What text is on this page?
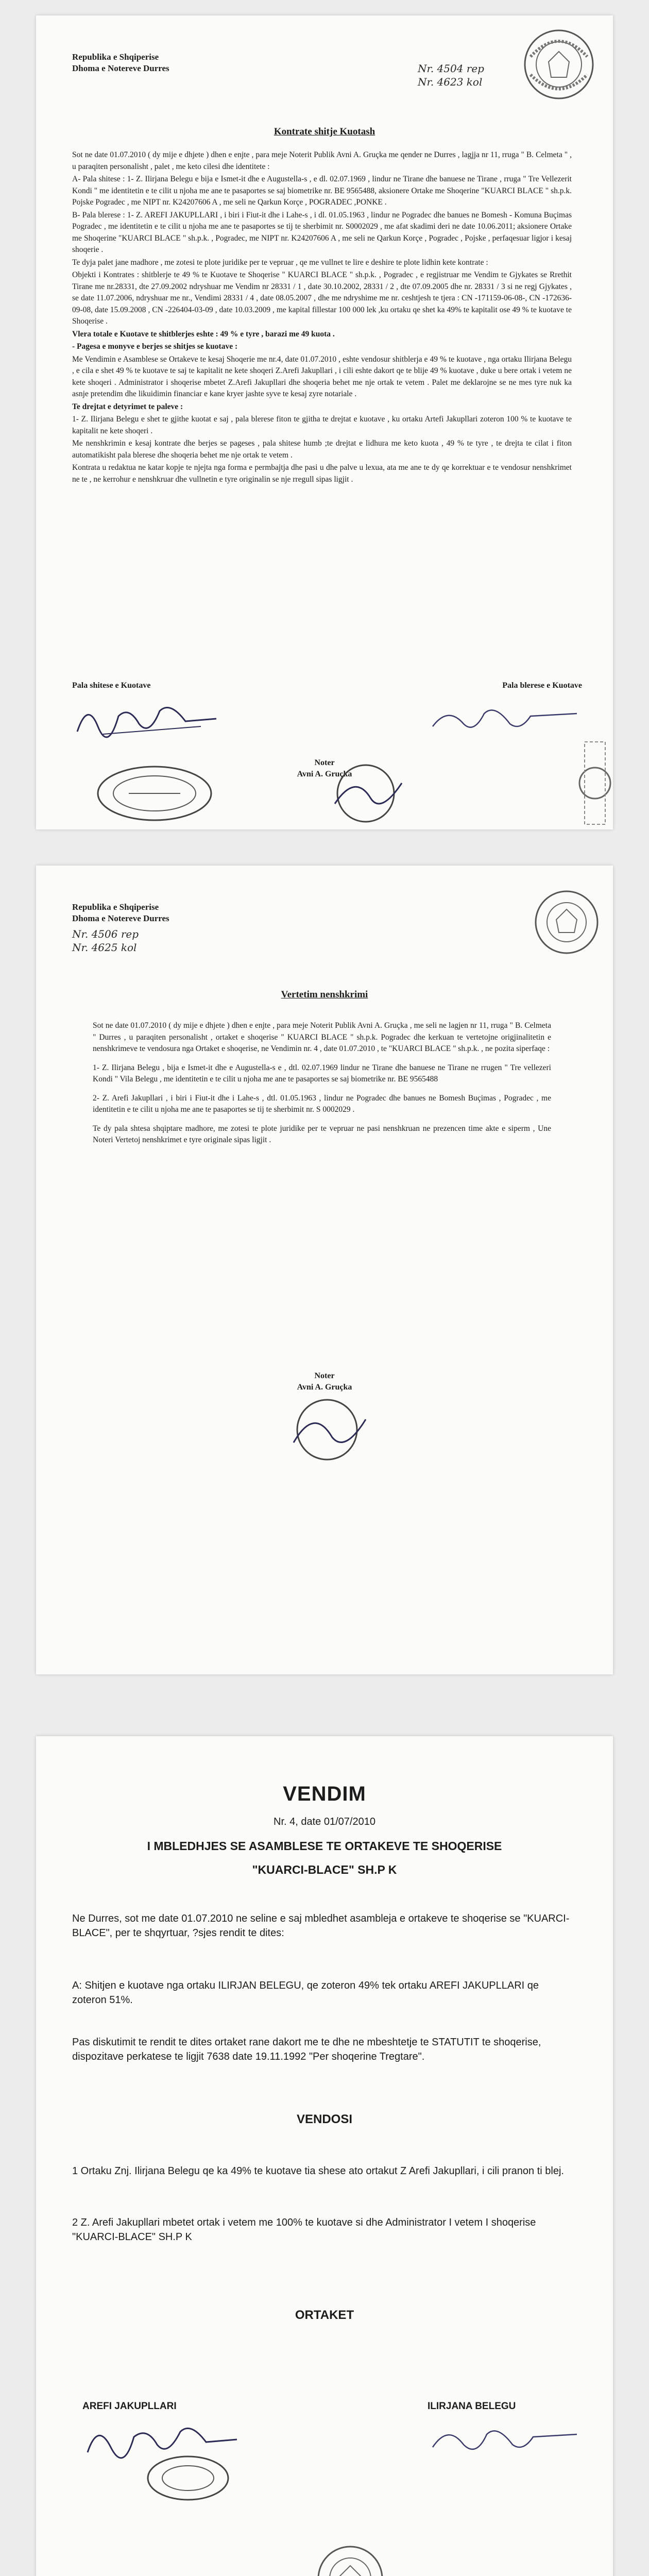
Republika e Shqiperise
Dhoma e Notereve Durres	Nr. 4504 rep
Nr. 4623 kol
Kontrate shitje Kuotash

Sot ne date 01.07.2010 ( dy mije e dhjete ) dhen e enjte , para meje Noterit Publik Avni A. Gruçka me qender ne Durres , lagjja nr 11, rruga " B. Celmeta " , u paraqiten personalisht , palet , me keto cilesi dhe identitete :

A- Pala shitese : 1- Z. Ilirjana Belegu e bija e Ismet-it dhe e Augustella-s , e dl. 02.07.1969 , lindur ne Tirane dhe banuese ne Tirane , rruga " Tre Vellezerit Kondi " me identitetin e te cilit u njoha me ane te pasaportes se saj biometrike nr. BE 9565488, aksionere Ortake me Shoqerine "KUARCI BLACE " sh.p.k. Pojske Pogradec , me NIPT nr. K24207606 A , me seli ne Qarkun Korçe , POGRADEC ,PONKE .

B- Pala blerese : 1- Z. AREFI JAKUPLLARI , i biri i Fiut-it dhe i Lahe-s , i dl. 01.05.1963 , lindur ne Pogradec dhe banues ne Bomesh - Komuna Buçimas Pogradec , me identitetin e te cilit u njoha me ane te pasaportes se tij te sherbimit nr. S0002029 , me afat skadimi deri ne date 10.06.2011; aksionere Ortake me Shoqerine "KUARCI BLACE " sh.p.k. , Pogradec, me NIPT nr. K24207606 A , me seli ne Qarkun Korçe , Pogradec , Pojske , perfaqesuar ligjor i kesaj shoqerie .

Te dyja palet jane madhore , me zotesi te plote juridike per te vepruar , qe me vullnet te lire e deshire te plote lidhin kete kontrate :

Objekti i Kontrates : shitblerje te 49 % te Kuotave te Shoqerise " KUARCI BLACE " sh.p.k. , Pogradec , e regjistruar me Vendim te Gjykates se Rrethit Tirane me nr.28331, dte 27.09.2002 ndryshuar me Vendim nr 28331 / 1 , date 30.10.2002, 28331 / 2 , dte 07.09.2005 dhe nr. 28331 / 3 si ne regj Gjykates , se date 11.07.2006, ndryshuar me nr., Vendimi 28331 / 4 , date 08.05.2007 , dhe me ndryshime me nr. ceshtjesh te tjera : CN -171159-06-08-, CN -172636-09-08, date 15.09.2008 , CN -226404-03-09 , date 10.03.2009 , me kapital fillestar 100 000 lek ,ku ortaku qe shet ka 49% te kapitalit ose 49 % te kuotave te Shoqerise .

Vlera totale e Kuotave te shitblerjes eshte : 49 % e tyre , barazi me 49 kuota .

- Pagesa e monyve e berjes se shitjes se kuotave :

Me Vendimin e Asamblese se Ortakeve te kesaj Shoqerie me nr.4, date 01.07.2010 , eshte vendosur shitblerja e 49 % te kuotave , nga ortaku Ilirjana Belegu , e cila e shet 49 % te kuotave te saj te kapitalit ne kete shoqeri Z.Arefi Jakupllari , i cili eshte dakort qe te blije 49 % kuotave , duke u bere ortak i vetem ne kete shoqeri . Administrator i shoqerise mbetet Z.Arefi Jakupllari dhe shoqeria behet me nje ortak te vetem . Palet me deklarojne se ne mes tyre nuk ka asnje pretendim dhe likuidimin financiar e kane kryer jashte syve te kesaj zyre notariale .

Te drejtat e detyrimet te paleve :

1- Z. Ilirjana Belegu e shet te gjithe kuotat e saj , pala blerese fiton te gjitha te drejtat e kuotave , ku ortaku Artefi Jakupllari zoteron 100 % te kuotave te kapitalit ne kete shoqeri .

Me nenshkrimin e kesaj kontrate dhe berjes se pageses , pala shitese humb ;te drejtat e lidhura me keto kuota , 49 % te tyre , te drejta te cilat i fiton automatikisht pala blerese dhe shoqeria behet me nje ortak te vetem .

Kontrata u redaktua ne katar kopje te njejta nga forma e permbajtja dhe pasi u dhe palve u lexua, ata me ane te dy qe korrektuar e te vendosur nenshkrimet ne te , ne kerrohur e nenshkruar dhe vullnetin e tyre originalin se nje rregull sipas ligjit .

Pala shitese e Kuotave	Pala blerese e Kuotave
Noter
Avni A. Gruçka
Republika e Shqiperise
Dhoma e Notereve Durres
Nr. 4506 rep
Nr. 4625 kol
Vertetim nenshkrimi

Sot ne date 01.07.2010 ( dy mije e dhjete ) dhen e enjte , para meje Noterit Publik Avni A. Gruçka , me seli ne lagjen nr 11, rruga " B. Celmeta " Durres , u paraqiten personalisht , ortaket e shoqerise " KUARCI BLACE " sh.p.k. Pogradec dhe kerkuan te vertetojne origjinalitetin e nenshkrimeve te vendosura nga Ortaket e shoqerise, ne Vendimin nr. 4 , date 01.07.2010 , te "KUARCI BLACE " sh.p.k. , ne pozita siperfaqe :

1- Z. Ilirjana Belegu , bija e Ismet-it dhe e Augustella-s e , dtl. 02.07.1969 lindur ne Tirane dhe banuese ne Tirane ne rrugen " Tre vellezeri Kondi " Vila Belegu , me identitetin e te cilit u njoha me ane te pasaportes se saj biometrike nr. BE 9565488

2- Z. Arefi Jakupllari , i biri i Fiut-it dhe i Lahe-s , dtl. 01.05.1963 , lindur ne Pogradec dhe banues ne Bomesh Buçimas , Pogradec , me identitetin e te cilit u njoha me ane te pasaportes se tij te sherbimit nr. S 0002029 .

Te dy pala shtesa shqiptare madhore, me zotesi te plote juridike per te vepruar ne pasi nenshkruan ne prezencen time akte e siperm , Une Noteri Vertetoj nenshkrimet e tyre originale sipas ligjit .

Noter
Avni A. Gruçka
VENDIM
Nr. 4, date 01/07/2010
I MBLEDHJES SE ASAMBLESE TE ORTAKEVE TE SHOQERISE
"KUARCI-BLACE" SH.P K

Ne Durres, sot me date 01.07.2010 ne seline e saj mbledhet asambleja e ortakeve te shoqerise se "KUARCI-BLACE", per te shqyrtuar, ?sjes rendit te dites:

A: Shitjen e kuotave nga ortaku ILIRJAN BELEGU, qe zoteron 49% tek ortaku AREFI JAKUPLLARI qe zoteron 51%.

Pas diskutimit te rendit te dites ortaket rane dakort me te dhe ne mbeshtetje te STATUTIT te shoqerise, dispozitave perkatese te ligjit 7638 date 19.11.1992 "Per shoqerine Tregtare".

VENDOSI

1 Ortaku Znj. Ilirjana Belegu qe ka 49% te kuotave tia shese ato ortakut Z Arefi Jakupllari, i cili pranon ti blej.

2 Z. Arefi Jakupllari mbetet ortak i vetem me 100% te kuotave si dhe Administrator I vetem I shoqerise "KUARCI-BLACE" SH.P K

ORTAKET
AREFI JAKUPLLARI	ILIRJANA BELEGU
